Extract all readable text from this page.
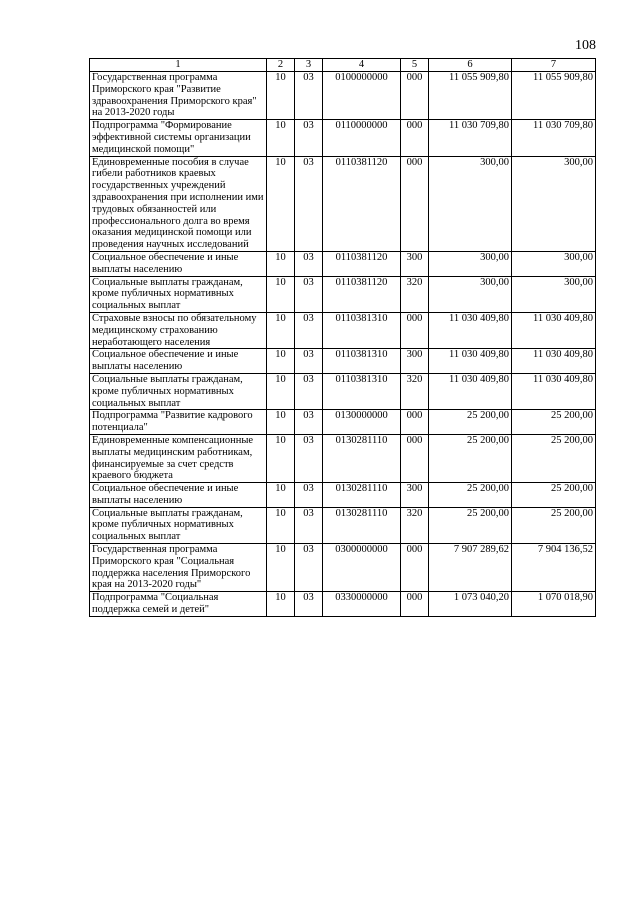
108
1	2	3	4	5	6	7
Государственная программа Приморского края "Развитие здравоохранения Приморского края" на 2013-2020 годы	10	03	0100000000	000	11 055 909,80	11 055 909,80
Подпрограмма "Формирование эффективной системы организации медицинской помощи"	10	03	0110000000	000	11 030 709,80	11 030 709,80
Единовременные пособия в случае гибели работников краевых государственных учреждений здравоохранения при исполнении ими трудовых обязанностей или профессионального долга во время оказания медицинской помощи или проведения научных исследований	10	03	0110381120	000	300,00	300,00
Социальное обеспечение и иные выплаты населению	10	03	0110381120	300	300,00	300,00
Социальные выплаты гражданам, кроме публичных нормативных социальных выплат	10	03	0110381120	320	300,00	300,00
Страховые взносы по обязательному медицинскому страхованию неработающего населения	10	03	0110381310	000	11 030 409,80	11 030 409,80
Социальное обеспечение и иные выплаты населению	10	03	0110381310	300	11 030 409,80	11 030 409,80
Социальные выплаты гражданам, кроме публичных нормативных социальных выплат	10	03	0110381310	320	11 030 409,80	11 030 409,80
Подпрограмма "Развитие кадрового потенциала"	10	03	0130000000	000	25 200,00	25 200,00
Единовременные компенсационные выплаты медицинским работникам, финансируемые за счет средств краевого бюджета	10	03	0130281110	000	25 200,00	25 200,00
Социальное обеспечение и иные выплаты населению	10	03	0130281110	300	25 200,00	25 200,00
Социальные выплаты гражданам, кроме публичных нормативных социальных выплат	10	03	0130281110	320	25 200,00	25 200,00
Государственная программа Приморского края "Социальная поддержка населения Приморского края на 2013-2020 годы"	10	03	0300000000	000	7 907 289,62	7 904 136,52
Подпрограмма "Социальная поддержка семей и детей"	10	03	0330000000	000	1 073 040,20	1 070 018,90
